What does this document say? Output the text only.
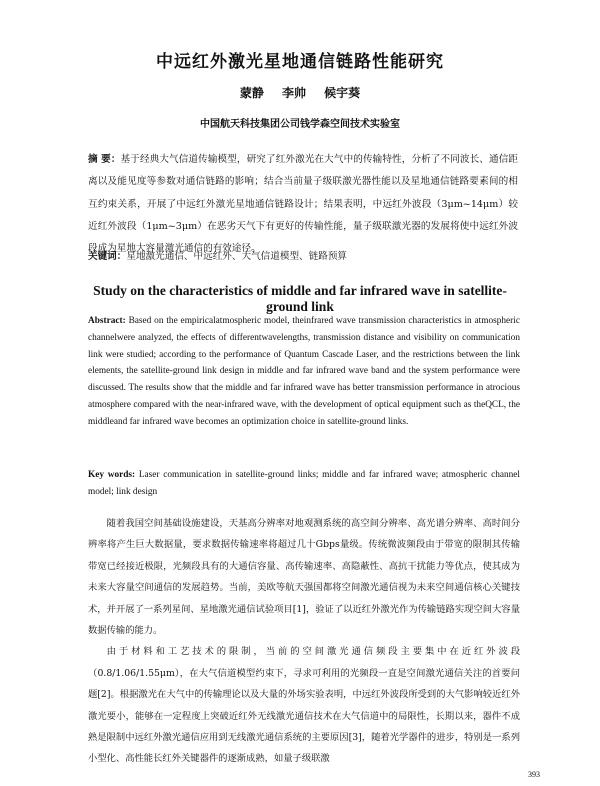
中远红外激光星地通信链路性能研究
蒙静 李帅 候宇葵
中国航天科技集团公司钱学森空间技术实验室
摘 要：基于经典大气信道传输模型，研究了红外激光在大气中的传输特性，分析了不同波长、通信距离以及能见度等参数对通信链路的影响；结合当前量子级联激光器性能以及星地通信链路要素间的相互约束关系，开展了中远红外激光星地通信链路设计；结果表明，中远红外波段（3μm~14μm）较近红外波段（1μm~3μm）在恶劣天气下有更好的传输性能，量子级联激光器的发展将使中远红外波段成为星地大容量激光通信的有效途径。
关键词：星地激光通信、中远红外、大气信道模型、链路预算
Study on the characteristics of middle and far infrared wave in satellite-ground link
Abstract: Based on the empiricalatmospheric model, theinfrared wave transmission characteristics in atmospheric channelwere analyzed, the effects of differentwavelengths, transmission distance and visibility on communication link were studied; according to the performance of Quantum Cascade Laser, and the restrictions between the link elements, the satellite-ground link design in middle and far infrared wave band and the system performance were discussed. The results show that the middle and far infrared wave has better transmission performance in atrocious atmosphere compared with the near-infrared wave, with the development of optical equipment such as theQCL, the middleand far infrared wave becomes an optimization choice in satellite-ground links.
Key words: Laser communication in satellite-ground links; middle and far infrared wave; atmospheric channel model; link design

随着我国空间基础设施建设，天基高分辨率对地观测系统的高空间分辨率、高光谱分辨率、高时间分辨率将产生巨大数据量，要求数据传输速率将超过几十Gbps量级。传统微波频段由于带宽的限制其传输带宽已经接近极限，光频段具有的大通信容量、高传输速率、高隐蔽性、高抗干扰能力等优点，使其成为未来大容量空间通信的发展趋势。当前，美欧等航天强国都将空间激光通信视为未来空间通信核心关键技术，并开展了一系列星间、星地激光通信试验项目[1]，验证了以近红外激光作为传输链路实现空间大容量数据传输的能力。

由于材料和工艺技术的限制，当前的空间激光通信频段主要集中在近红外波段（0.8/1.06/1.55μm），在大气信道模型约束下，寻求可利用的光频段一直是空间激光通信关注的首要问题[2]。根据激光在大气中的传输理论以及大量的外场实验表明，中远红外波段所受到的大气影响较近红外激光要小，能够在一定程度上突破近红外无线激光通信技术在大气信道中的局限性，长期以来，器件不成熟是限制中远红外激光通信应用到无线激光通信系统的主要原因[3]，随着光学器件的进步，特别是一系列小型化、高性能长红外关键器件的逐渐成熟，如量子级联激

393
